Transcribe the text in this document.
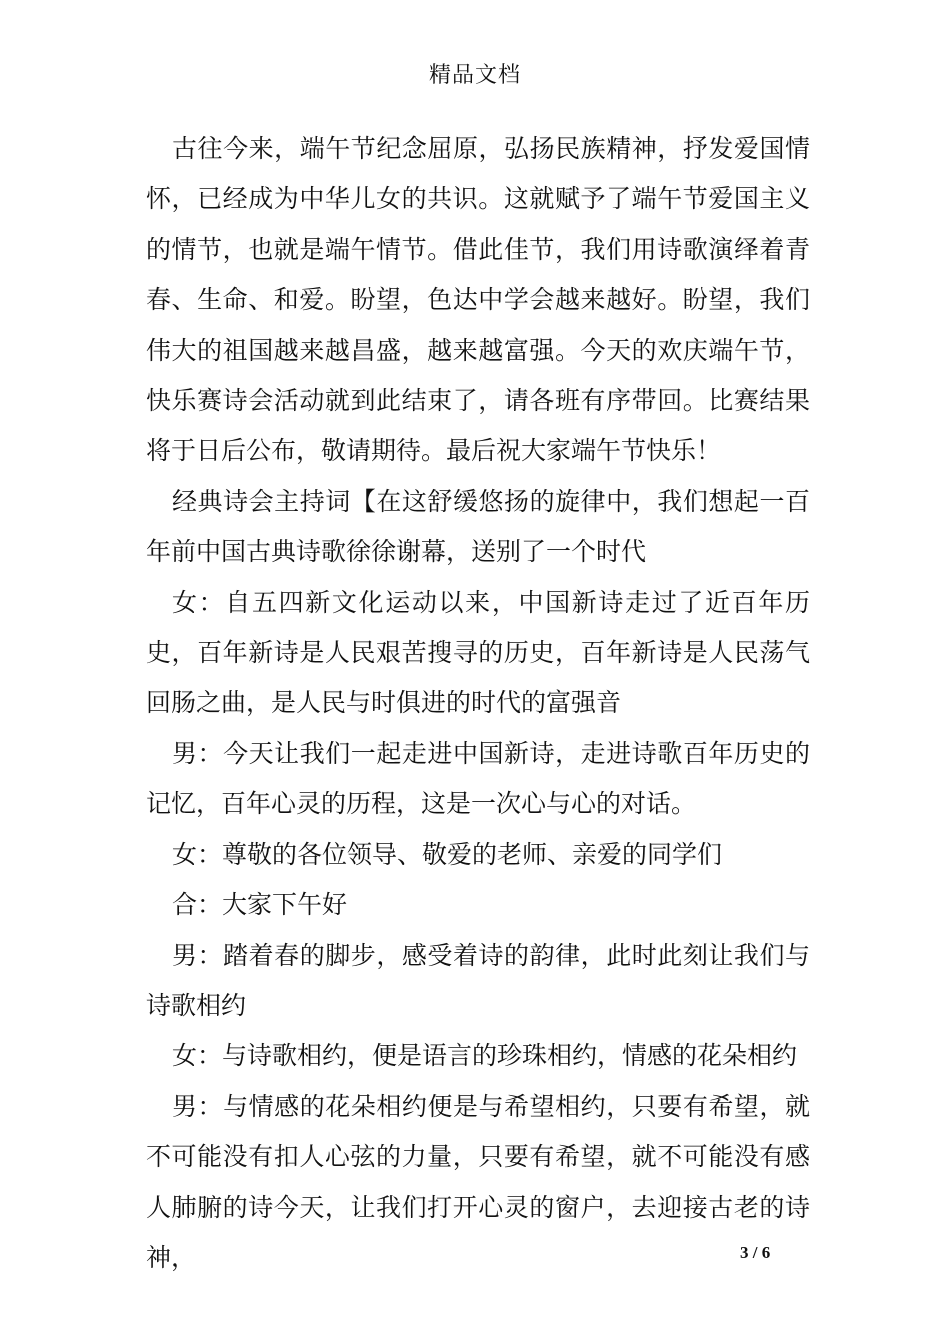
精品文档

古往今来，端午节纪念屈原，弘扬民族精神，抒发爱国情怀，已经成为中华儿女的共识。这就赋予了端午节爱国主义的情节，也就是端午情节。借此佳节，我们用诗歌演绎着青春、生命、和爱。盼望，色达中学会越来越好。盼望，我们伟大的祖国越来越昌盛，越来越富强。今天的欢庆端午节，快乐赛诗会活动就到此结束了，请各班有序带回。比赛结果将于日后公布，敬请期待。最后祝大家端午节快乐！

经典诗会主持词【在这舒缓悠扬的旋律中，我们想起一百年前中国古典诗歌徐徐谢幕，送别了一个时代

女：自五四新文化运动以来，中国新诗走过了近百年历史，百年新诗是人民艰苦搜寻的历史，百年新诗是人民荡气回肠之曲，是人民与时俱进的时代的富强音

男：今天让我们一起走进中国新诗，走进诗歌百年历史的记忆，百年心灵的历程，这是一次心与心的对话。

女：尊敬的各位领导、敬爱的老师、亲爱的同学们

合：大家下午好

男：踏着春的脚步，感受着诗的韵律，此时此刻让我们与诗歌相约

女：与诗歌相约，便是语言的珍珠相约，情感的花朵相约

男：与情感的花朵相约便是与希望相约，只要有希望，就不可能没有扣人心弦的力量，只要有希望，就不可能没有感人肺腑的诗今天，让我们打开心灵的窗户，去迎接古老的诗神，	3 / 6
